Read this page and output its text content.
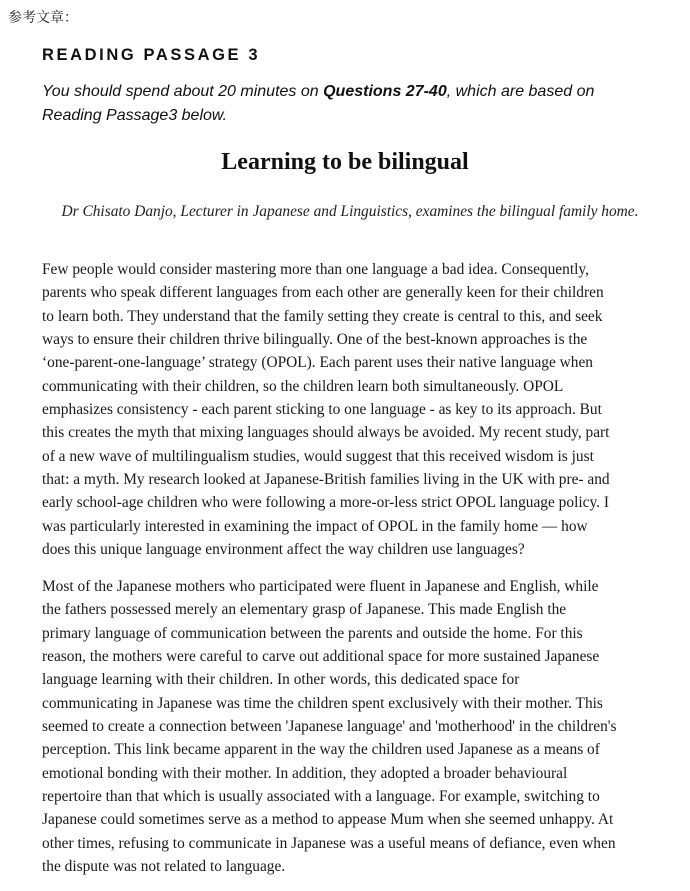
参考文章：
READING PASSAGE 3

You should spend about 20 minutes on Questions 27-40, which are based on Reading Passage3 below.

Learning to be bilingual

Dr Chisato Danjo, Lecturer in Japanese and Linguistics, examines the bilingual family home.

Few people would consider mastering more than one language a bad idea. Consequently,
parents who speak different languages from each other are generally keen for their children
to learn both. They understand that the family setting they create is central to this, and seek
ways to ensure their children thrive bilingually. One of the best-known approaches is the
‘one-parent-one-language’ strategy (OPOL). Each parent uses their native language when
communicating with their children, so the children learn both simultaneously. OPOL
emphasizes consistency - each parent sticking to one language - as key to its approach. But
this creates the myth that mixing languages should always be avoided. My recent study, part
of a new wave of multilingualism studies, would suggest that this received wisdom is just
that: a myth. My research looked at Japanese-British families living in the UK with pre- and
early school-age children who were following a more-or-less strict OPOL language policy. I
was particularly interested in examining the impact of OPOL in the family home — how
does this unique language environment affect the way children use languages?
Most of the Japanese mothers who participated were fluent in Japanese and English, while
the fathers possessed merely an elementary grasp of Japanese. This made English the
primary language of communication between the parents and outside the home. For this
reason, the mothers were careful to carve out additional space for more sustained Japanese
language learning with their children. In other words, this dedicated space for
communicating in Japanese was time the children spent exclusively with their mother. This
seemed to create a connection between 'Japanese language' and 'motherhood' in the children's
perception. This link became apparent in the way the children used Japanese as a means of
emotional bonding with their mother. In addition, they adopted a broader behavioural
repertoire than that which is usually associated with a language. For example, switching to
Japanese could sometimes serve as a method to appease Mum when she seemed unhappy. At
other times, refusing to communicate in Japanese was a useful means of defiance, even when
the dispute was not related to language.
